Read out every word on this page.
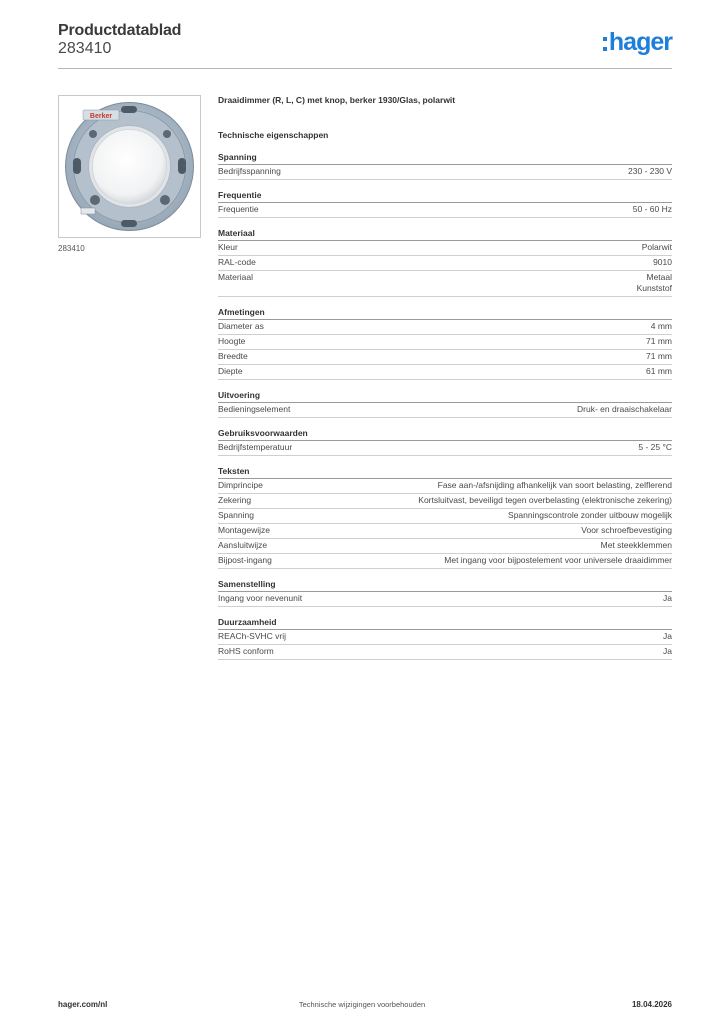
Productdatablad
283410	hager
Berker
283410
Draaidimmer (R, L, C) met knop, berker 1930/Glas, polarwit
Technische eigenschappen
Spanning
Bedrijfsspanning	230 - 230 V
Frequentie
Frequentie	50 - 60 Hz
Materiaal
Kleur	Polarwit
RAL-code	9010
Materiaal	Metaal
Kunststof
Afmetingen
Diameter as	4 mm
Hoogte	71 mm
Breedte	71 mm
Diepte	61 mm
Uitvoering
Bedieningselement	Druk- en draaischakelaar
Gebruiksvoorwaarden
Bedrijfstemperatuur	5 - 25 °C
Teksten
Dimprincipe	Fase aan-/afsnijding afhankelijk van soort belasting, zelflerend
Zekering	Kortsluitvast, beveiligd tegen overbelasting (elektronische zekering)
Spanning	Spanningscontrole zonder uitbouw mogelijk
Montagewijze	Voor schroefbevestiging
Aansluitwijze	Met steekklemmen
Bijpost-ingang	Met ingang voor bijpostelement voor universele draaidimmer
Samenstelling
Ingang voor nevenunit	Ja
Duurzaamheid
REACh-SVHC vrij	Ja
RoHS conform	Ja
hager.com/nl	Technische wijzigingen voorbehouden	18.04.2026
